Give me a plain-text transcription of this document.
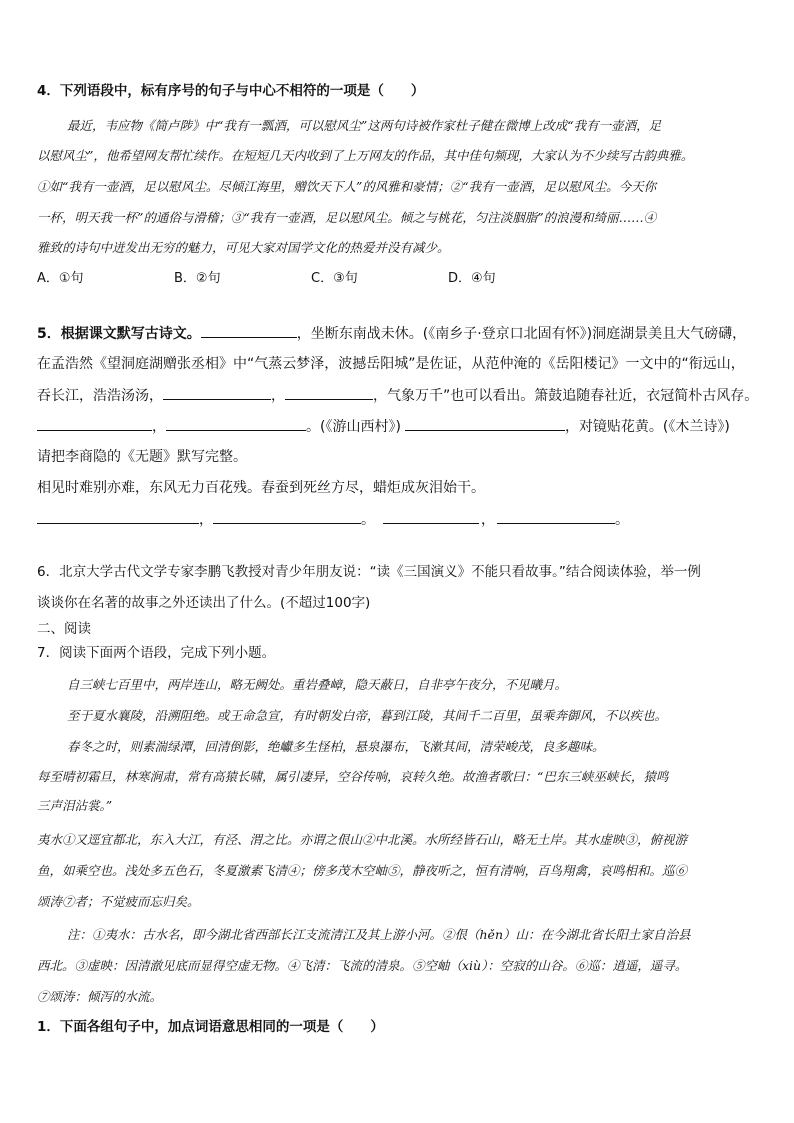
4．下列语段中，标有序号的句子与中心不相符的一项是（　　）
最近，韦应物《简卢陟》中“我有一瓢酒，可以慰风尘”这两句诗被作家杜子健在微博上改成“我有一壶酒，足
以慰风尘”，他希望网友帮忙续作。在短短几天内收到了上万网友的作品，其中佳句频现，大家认为不少续写古韵典雅。
①如“我有一壶酒，足以慰风尘。尽倾江海里，赠饮天下人”的风雅和豪情；②“我有一壶酒，足以慰风尘。今天你
一杯，明天我一杯”的通俗与滑稽；③“我有一壶酒，足以慰风尘。倾之与桃花，匀注淡胭脂”的浪漫和绮丽……④
雅致的诗句中迸发出无穷的魅力，可见大家对国学文化的热爱并没有减少。
A．①句	B．②句	C．③句	D．④句
5．根据课文默写古诗文。	，坐断东南战未休。(《南乡子·登京口北固有怀》)洞庭湖景美且大气磅礴，
在孟浩然《望洞庭湖赠张丞相》中“气蒸云梦泽，波撼岳阳城”是佐证，从范仲淹的《岳阳楼记》一文中的“衔远山，
吞长江，浩浩汤汤，	，	，气象万千”也可以看出。箫鼓追随春社近，衣冠简朴古风存。
，	。(《游山西村》)	，对镜贴花黄。(《木兰诗》)
请把李商隐的《无题》默写完整。
相见时难别亦难，东风无力百花残。春蚕到死丝方尽，蜡炬成灰泪始干。
，	。	，	。
6．北京大学古代文学专家李鹏飞教授对青少年朋友说：“读《三国演义》不能只看故事。”结合阅读体验，举一例
谈谈你在名著的故事之外还读出了什么。(不超过100字)
二、阅读
7．阅读下面两个语段，完成下列小题。
自三峡七百里中，两岸连山，略无阙处。重岩叠嶂，隐天蔽日，自非亭午夜分，不见曦月。
至于夏水襄陵，沿溯阻绝。或王命急宣，有时朝发白帝，暮到江陵，其间千二百里，虽乘奔御风，不以疾也。
春冬之时，则素湍绿潭，回清倒影，绝巘多生怪柏，悬泉瀑布，飞漱其间，清荣峻茂，良多趣味。
每至晴初霜旦，林寒涧肃，常有高猿长啸，属引凄异，空谷传响，哀转久绝。故渔者歌曰：“巴东三峡巫峡长，猿鸣
三声泪沾裳。”
夷水①又逕宜都北，东入大江，有泾、渭之比。亦谓之佷山②中北溪。水所经皆石山，略无土岸。其水虚映③，俯视游
鱼，如乘空也。浅处多五色石，冬夏激素飞清④；傍多茂木空岫⑤，静夜听之，恒有清响，百鸟翔禽，哀鸣相和。巡⑥
颂涛⑦者；不觉疲而忘归矣。
注：①夷水：古水名，即今湖北省西部长江支流清江及其上游小河。②佷（hěn）山：在今湖北省长阳土家自治县
西北。③虚映：因清澈见底而显得空虚无物。④飞清：飞流的清泉。⑤空岫（xiù）：空寂的山谷。⑥巡：逍遥，遥寻。
⑦颂涛：倾泻的水流。
1．下面各组句子中，加点词语意思相同的一项是（　　）
